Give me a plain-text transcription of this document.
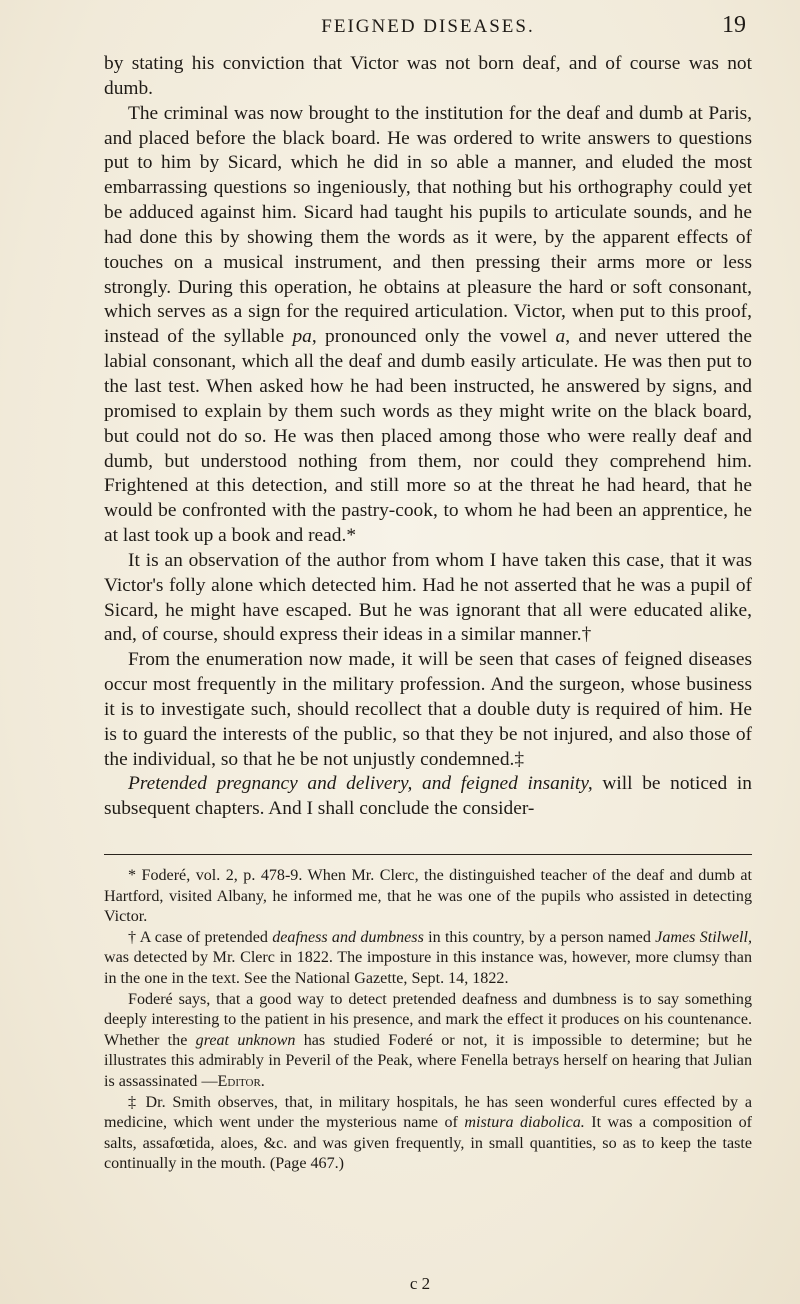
FEIGNED DISEASES.	19

by stating his conviction that Victor was not born deaf, and of course was not dumb.

The criminal was now brought to the institution for the deaf and dumb at Paris, and placed before the black board. He was ordered to write answers to questions put to him by Sicard, which he did in so able a manner, and eluded the most embarrassing questions so ingeniously, that nothing but his orthography could yet be adduced against him. Sicard had taught his pupils to articulate sounds, and he had done this by showing them the words as it were, by the apparent effects of touches on a musical instrument, and then pressing their arms more or less strongly. During this operation, he obtains at pleasure the hard or soft consonant, which serves as a sign for the required articulation. Victor, when put to this proof, instead of the syllable pa, pronounced only the vowel a, and never uttered the labial consonant, which all the deaf and dumb easily articulate. He was then put to the last test. When asked how he had been instructed, he answered by signs, and promised to explain by them such words as they might write on the black board, but could not do so. He was then placed among those who were really deaf and dumb, but understood nothing from them, nor could they comprehend him. Frightened at this detection, and still more so at the threat he had heard, that he would be confronted with the pastry-cook, to whom he had been an apprentice, he at last took up a book and read.*

It is an observation of the author from whom I have taken this case, that it was Victor's folly alone which detected him. Had he not asserted that he was a pupil of Sicard, he might have escaped. But he was ignorant that all were educated alike, and, of course, should express their ideas in a similar manner.†

From the enumeration now made, it will be seen that cases of feigned diseases occur most frequently in the military profession. And the surgeon, whose business it is to investigate such, should recollect that a double duty is required of him. He is to guard the interests of the public, so that they be not injured, and also those of the individual, so that he be not unjustly condemned.‡

Pretended pregnancy and delivery, and feigned insanity, will be noticed in subsequent chapters. And I shall conclude the consider-

* Foderé, vol. 2, p. 478-9. When Mr. Clerc, the distinguished teacher of the deaf and dumb at Hartford, visited Albany, he informed me, that he was one of the pupils who assisted in detecting Victor.

† A case of pretended deafness and dumbness in this country, by a person named James Stilwell, was detected by Mr. Clerc in 1822. The imposture in this instance was, however, more clumsy than in the one in the text. See the National Gazette, Sept. 14, 1822.

Foderé says, that a good way to detect pretended deafness and dumbness is to say something deeply interesting to the patient in his presence, and mark the effect it produces on his countenance. Whether the great unknown has studied Foderé or not, it is impossible to determine; but he illustrates this admirably in Peveril of the Peak, where Fenella betrays herself on hearing that Julian is assassinated —Editor.

‡ Dr. Smith observes, that, in military hospitals, he has seen wonderful cures effected by a medicine, which went under the mysterious name of mistura diabolica. It was a composition of salts, assafœtida, aloes, &c. and was given frequently, in small quantities, so as to keep the taste continually in the mouth. (Page 467.)

c 2
